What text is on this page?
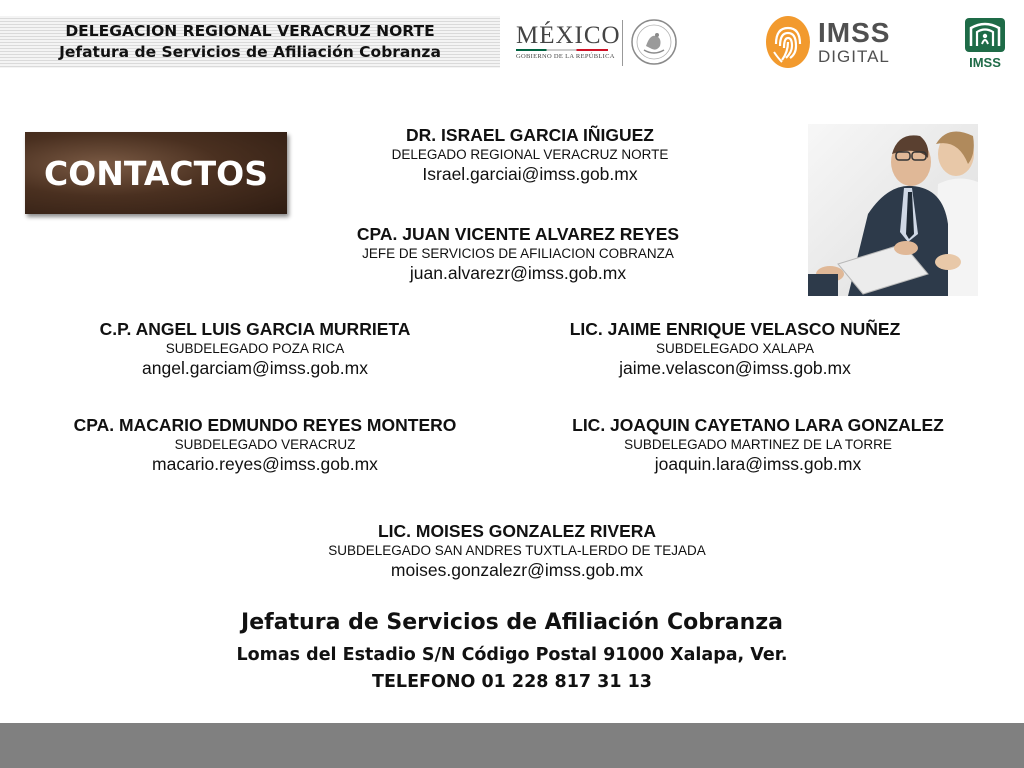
DELEGACION REGIONAL VERACRUZ NORTE
Jefatura de Servicios de Afiliación Cobranza
MÉXICO
GOBIERNO DE LA REPÚBLICA
IMSS
DIGITAL	IMSS
CONTACTOS
DR. ISRAEL GARCIA IÑIGUEZ
DELEGADO REGIONAL VERACRUZ NORTE
Israel.garciai@imss.gob.mx
CPA. JUAN VICENTE ALVAREZ REYES
JEFE DE SERVICIOS DE AFILIACION COBRANZA
juan.alvarezr@imss.gob.mx
C.P. ANGEL LUIS GARCIA MURRIETA
SUBDELEGADO POZA RICA
angel.garciam@imss.gob.mx
LIC. JAIME ENRIQUE VELASCO NUÑEZ
SUBDELEGADO XALAPA
jaime.velascon@imss.gob.mx
CPA. MACARIO EDMUNDO REYES MONTERO
SUBDELEGADO VERACRUZ
macario.reyes@imss.gob.mx
LIC. JOAQUIN CAYETANO LARA GONZALEZ
SUBDELEGADO MARTINEZ DE LA TORRE
joaquin.lara@imss.gob.mx
LIC. MOISES GONZALEZ RIVERA
SUBDELEGADO SAN ANDRES TUXTLA-LERDO DE TEJADA
moises.gonzalezr@imss.gob.mx
Jefatura de Servicios de Afiliación Cobranza
Lomas del Estadio S/N Código Postal 91000 Xalapa, Ver.
TELEFONO 01 228 817 31 13
